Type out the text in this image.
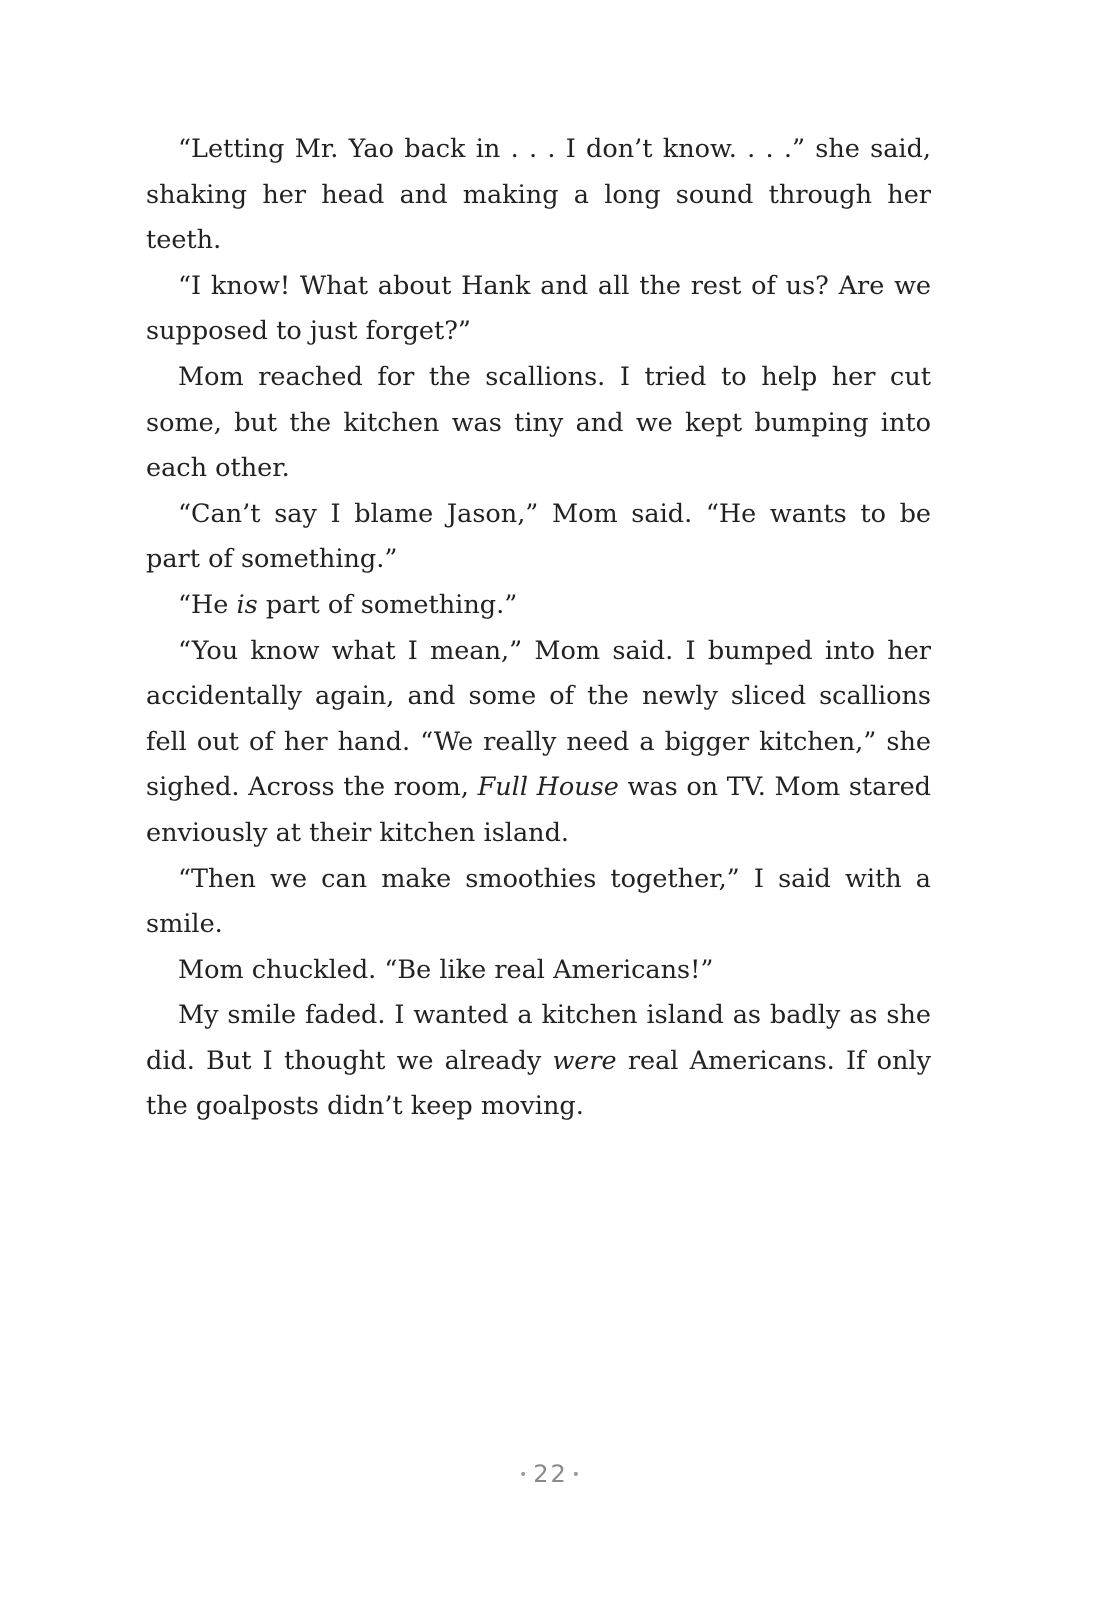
“Letting Mr. Yao back in . . . I don’t know. . . .” she said, shaking her head and making a long sound through her teeth.

“I know! What about Hank and all the rest of us? Are we supposed to just forget?”

Mom reached for the scallions. I tried to help her cut some, but the kitchen was tiny and we kept bumping into each other.

“Can’t say I blame Jason,” Mom said. “He wants to be part of something.”

“He is part of something.”

“You know what I mean,” Mom said. I bumped into her accidentally again, and some of the newly sliced scallions fell out of her hand. “We really need a bigger kitchen,” she sighed. Across the room, Full House was on TV. Mom stared enviously at their kitchen island.

“Then we can make smoothies together,” I said with a smile.

Mom chuckled. “Be like real Americans!”

My smile faded. I wanted a kitchen island as badly as she did. But I thought we already were real Americans. If only the goalposts didn’t keep moving.

• 22 •
